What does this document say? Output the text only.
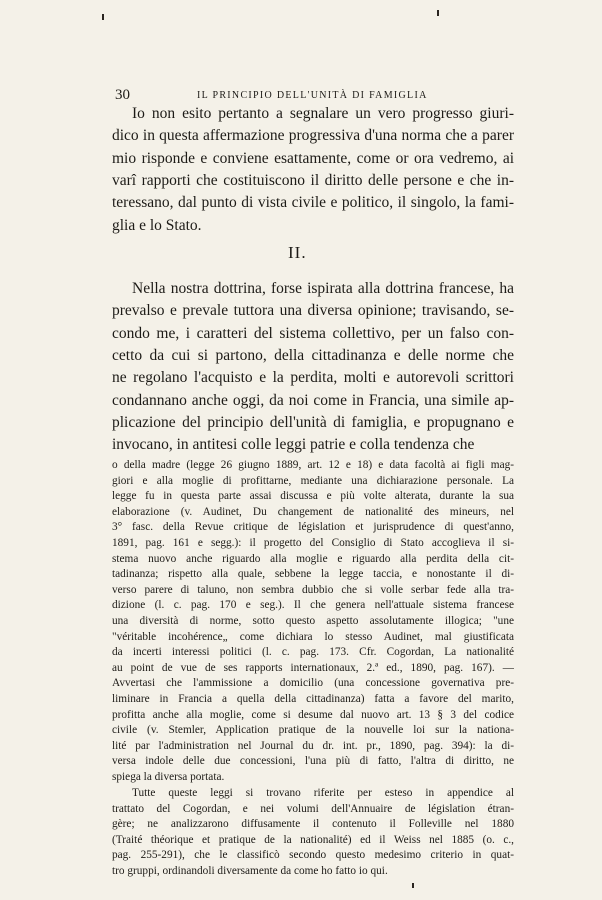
30	IL PRINCIPIO DELL'UNITÀ DI FAMIGLIA
Io non esito pertanto a segnalare un vero progresso giuri-
dico in questa affermazione progressiva d'una norma che a parer
mio risponde e conviene esattamente, come or ora vedremo, ai
varî rapporti che costituiscono il diritto delle persone e che in-
teressano, dal punto di vista civile e politico, il singolo, la fami-
glia e lo Stato.
II.
Nella nostra dottrina, forse ispirata alla dottrina francese, ha
prevalso e prevale tuttora una diversa opinione; travisando, se-
condo me, i caratteri del sistema collettivo, per un falso con-
cetto da cui si partono, della cittadinanza e delle norme che
ne regolano l'acquisto e la perdita, molti e autorevoli scrittori
condannano anche oggi, da noi come in Francia, una simile ap-
plicazione del principio dell'unità di famiglia, e propugnano e
invocano, in antitesi colle leggi patrie e colla tendenza che
o della madre (legge 26 giugno 1889, art. 12 e 18) e data facoltà ai figli mag-
giori e alla moglie di profittarne, mediante una dichiarazione personale. La
legge fu in questa parte assai discussa e più volte alterata, durante la sua
elaborazione (v. Audinet, Du changement de nationalité des mineurs, nel
3° fasc. della Revue critique de législation et jurisprudence di quest'anno,
1891, pag. 161 e segg.): il progetto del Consiglio di Stato accoglieva il si-
stema nuovo anche riguardo alla moglie e riguardo alla perdita della cit-
tadinanza; rispetto alla quale, sebbene la legge taccia, e nonostante il di-
verso parere di taluno, non sembra dubbio che si volle serbar fede alla tra-
dizione (l. c. pag. 170 e seg.). Il che genera nell'attuale sistema francese
una diversità di norme, sotto questo aspetto assolutamente illogica; "une
"véritable incohérence„ come dichiara lo stesso Audinet, mal giustificata
da incerti interessi politici (l. c. pag. 173. Cfr. Cogordan, La nationalité
au point de vue de ses rapports internationaux, 2.ª ed., 1890, pag. 167). —
Avvertasi che l'ammissione a domicilio (una concessione governativa pre-
liminare in Francia a quella della cittadinanza) fatta a favore del marito,
profitta anche alla moglie, come si desume dal nuovo art. 13 § 3 del codice
civile (v. Stemler, Application pratique de la nouvelle loi sur la nationa-
lité par l'administration nel Journal du dr. int. pr., 1890, pag. 394): la di-
versa indole delle due concessioni, l'una più di fatto, l'altra di diritto, ne
spiega la diversa portata.
Tutte queste leggi si trovano riferite per esteso in appendice al
trattato del Cogordan, e nei volumi dell'Annuaire de législation étran-
gère; ne analizzarono diffusamente il contenuto il Folleville nel 1880
(Traité théorique et pratique de la nationalité) ed il Weiss nel 1885 (o. c.,
pag. 255-291), che le classificò secondo questo medesimo criterio in quat-
tro gruppi, ordinandoli diversamente da come ho fatto io qui.
